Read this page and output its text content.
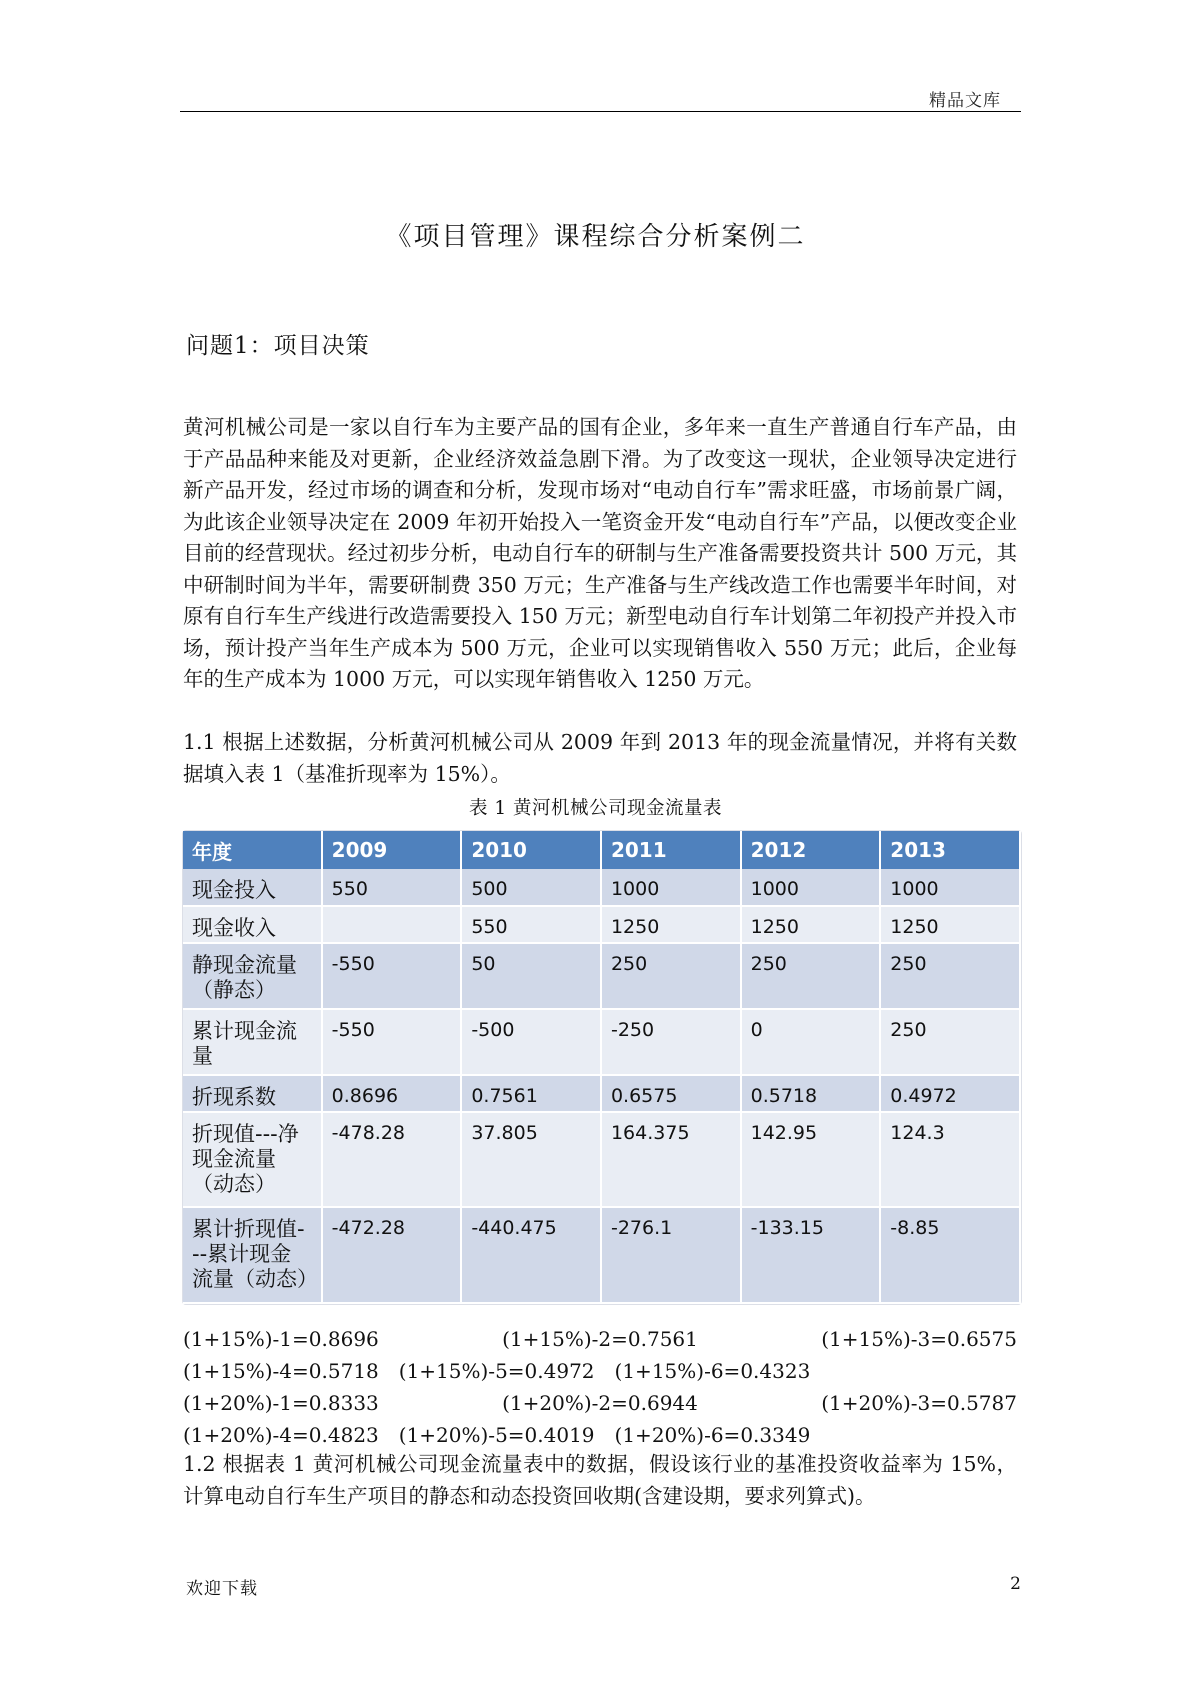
精品文库
《项目管理》课程综合分析案例二
问题1：项目决策
黄河机械公司是一家以自行车为主要产品的国有企业，多年来一直生产普通自行车产品，由于产品品种来能及对更新，企业经济效益急剧下滑。为了改变这一现状，企业领导决定进行新产品开发，经过市场的调查和分析，发现市场对“电动自行车”需求旺盛，市场前景广阔，为此该企业领导决定在 2009 年初开始投入一笔资金开发“电动自行车”产品，以便改变企业目前的经营现状。经过初步分析，电动自行车的研制与生产准备需要投资共计 500 万元，其中研制时间为半年，需要研制费 350 万元；生产准备与生产线改造工作也需要半年时间，对原有自行车生产线进行改造需要投入 150 万元；新型电动自行车计划第二年初投产并投入市场，预计投产当年生产成本为 500 万元，企业可以实现销售收入 550 万元；此后，企业每年的生产成本为 1000 万元，可以实现年销售收入 1250 万元。
1.1 根据上述数据，分析黄河机械公司从 2009 年到 2013 年的现金流量情况，并将有关数据填入表 1（基准折现率为 15%）。
表 1 黄河机械公司现金流量表
年度	2009	2010	2011	2012	2013
现金投入	550	500	1000	1000	1000
现金收入		550	1250	1250	1250
静现金流量（静态）	-550	50	250	250	250
累计现金流量	-550	-500	-250	0	250
折现系数	0.8696	0.7561	0.6575	0.5718	0.4972
折现值---净现金流量（动态）	-478.28	37.805	164.375	142.95	124.3
累计折现值---累计现金流量（动态）	-472.28	-440.475	-276.1	-133.15	-8.85
(1+15%)-1=0.8696	(1+15%)-2=0.7561	(1+15%)-3=0.6575
(1+15%)-4=0.5718 (1+15%)-5=0.4972 (1+15%)-6=0.4323
(1+20%)-1=0.8333	(1+20%)-2=0.6944	(1+20%)-3=0.5787
(1+20%)-4=0.4823 (1+20%)-5=0.4019 (1+20%)-6=0.3349
1.2 根据表 1 黄河机械公司现金流量表中的数据，假设该行业的基准投资收益率为 15%，计算电动自行车生产项目的静态和动态投资回收期(含建设期，要求列算式)。
欢迎下载	2
